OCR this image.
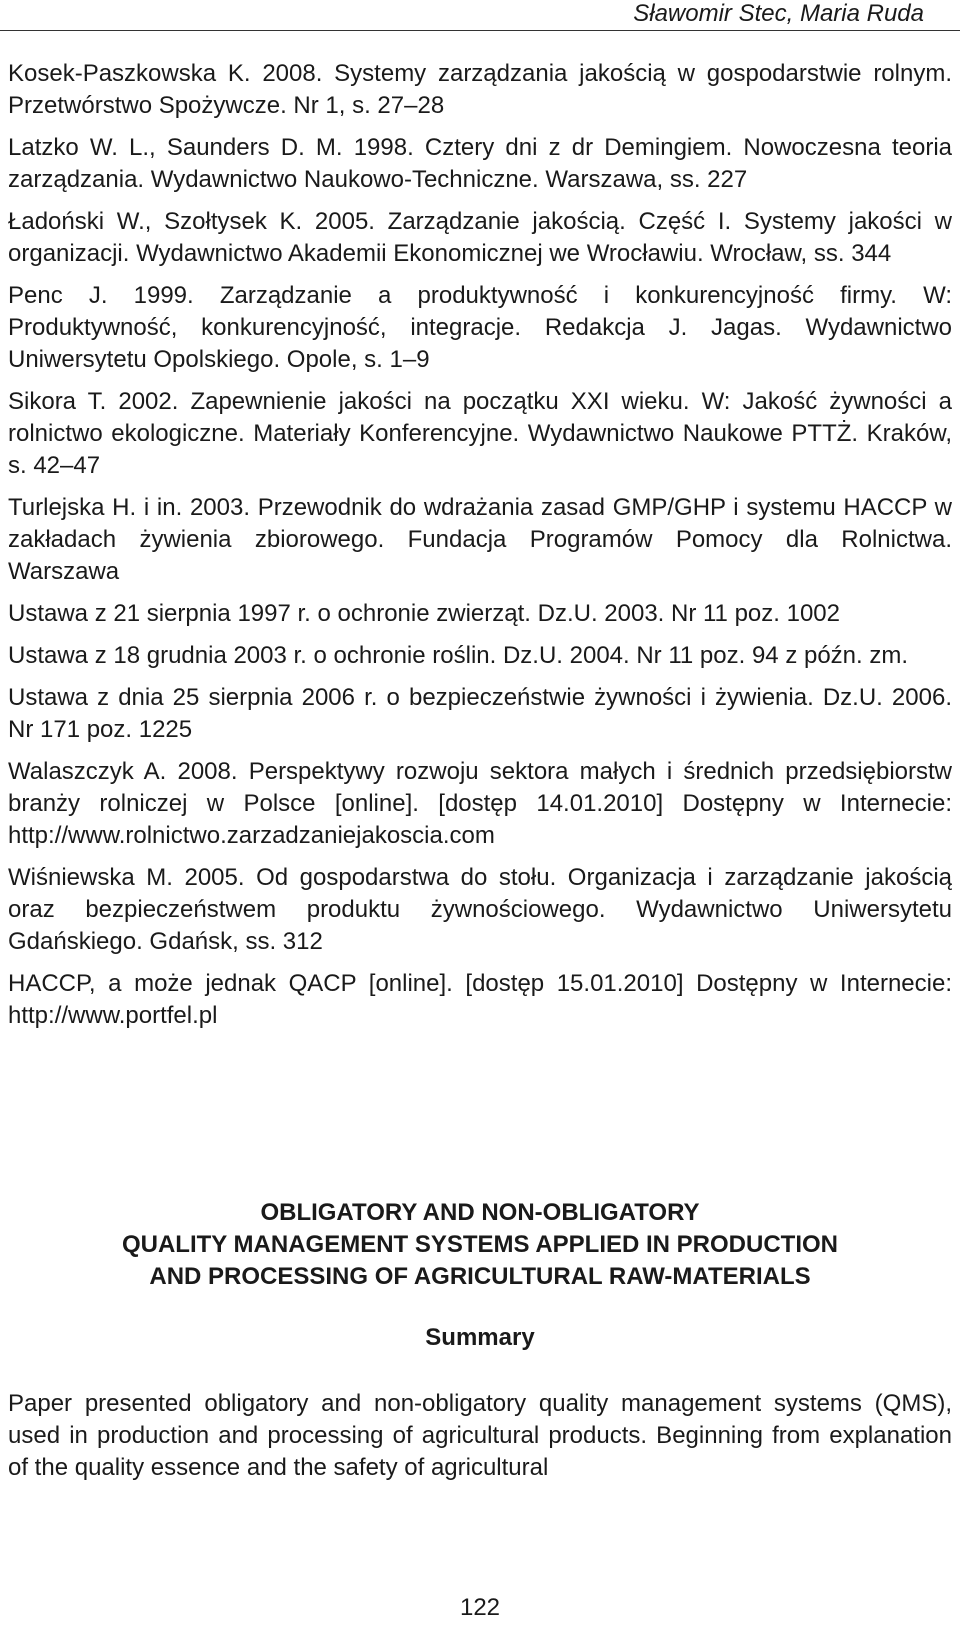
Sławomir Stec, Maria Ruda

Kosek-Paszkowska K. 2008. Systemy zarządzania jakością w gospodarstwie rolnym. Przetwórstwo Spożywcze. Nr 1, s. 27–28

Latzko W. L., Saunders D. M. 1998. Cztery dni z dr Demingiem. Nowoczesna teoria zarządzania. Wydawnictwo Naukowo-Techniczne. Warszawa, ss. 227

Ładoński W., Szołtysek K. 2005. Zarządzanie jakością. Część I. Systemy jakości w organizacji. Wydawnictwo Akademii Ekonomicznej we Wrocławiu. Wrocław, ss. 344

Penc J. 1999. Zarządzanie a produktywność i konkurencyjność firmy. W: Produktywność, konkurencyjność, integracje. Redakcja J. Jagas. Wydawnictwo Uniwersytetu Opolskiego. Opole, s. 1–9

Sikora T. 2002. Zapewnienie jakości na początku XXI wieku. W: Jakość żywności a rolnictwo ekologiczne. Materiały Konferencyjne. Wydawnictwo Naukowe PTTŻ. Kraków, s. 42–47

Turlejska H. i in. 2003. Przewodnik do wdrażania zasad GMP/GHP i systemu HACCP w zakładach żywienia zbiorowego. Fundacja Programów Pomocy dla Rolnictwa. Warszawa

Ustawa z 21 sierpnia 1997 r. o ochronie zwierząt. Dz.U. 2003. Nr 11 poz. 1002

Ustawa z 18 grudnia 2003 r. o ochronie roślin. Dz.U. 2004. Nr 11 poz. 94 z późn. zm.

Ustawa z dnia 25 sierpnia 2006 r. o bezpieczeństwie żywności i żywienia. Dz.U. 2006. Nr 171 poz. 1225

Walaszczyk A. 2008. Perspektywy rozwoju sektora małych i średnich przedsiębiorstw branży rolniczej w Polsce [online]. [dostęp 14.01.2010] Dostępny w Internecie: http://www.rolnictwo.zarzadzaniejakoscia.com

Wiśniewska M. 2005. Od gospodarstwa do stołu. Organizacja i zarządzanie jakością oraz bezpieczeństwem produktu żywnościowego. Wydawnictwo Uniwersytetu Gdańskiego. Gdańsk, ss. 312

HACCP, a może jednak QACP [online]. [dostęp 15.01.2010] Dostępny w Internecie: http://www.portfel.pl

OBLIGATORY AND NON-OBLIGATORY
QUALITY MANAGEMENT SYSTEMS APPLIED IN PRODUCTION
AND PROCESSING OF AGRICULTURAL RAW-MATERIALS
Summary

Paper presented obligatory and non-obligatory quality management systems (QMS), used in production and processing of agricultural products. Beginning from explanation of the quality essence and the safety of agricultural

122
